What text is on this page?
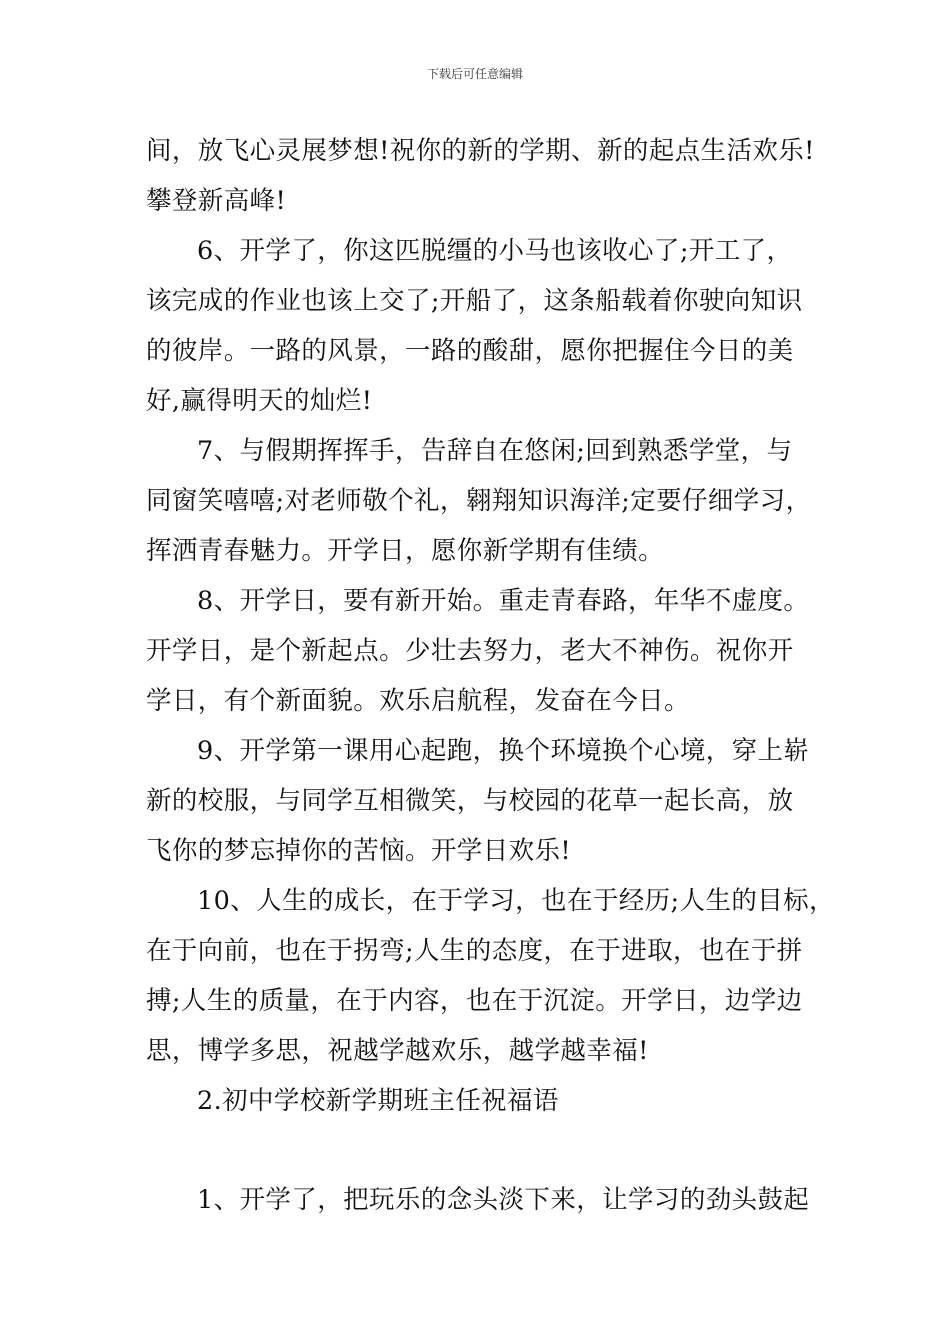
下载后可任意编辑
间，放飞心灵展梦想!祝你的新的学期、新的起点生活欢乐!
攀登新高峰!
6、开学了，你这匹脱缰的小马也该收心了;开工了，
该完成的作业也该上交了;开船了，这条船载着你驶向知识
的彼岸。一路的风景，一路的酸甜，愿你把握住今日的美
好,赢得明天的灿烂!
7、与假期挥挥手，告辞自在悠闲;回到熟悉学堂，与
同窗笑嘻嘻;对老师敬个礼，翱翔知识海洋;定要仔细学习，
挥洒青春魅力。开学日，愿你新学期有佳绩。
8、开学日，要有新开始。重走青春路，年华不虚度。
开学日，是个新起点。少壮去努力，老大不神伤。祝你开
学日，有个新面貌。欢乐启航程，发奋在今日。
9、开学第一课用心起跑，换个环境换个心境，穿上崭
新的校服，与同学互相微笑，与校园的花草一起长高，放
飞你的梦忘掉你的苦恼。开学日欢乐!
10、人生的成长，在于学习，也在于经历;人生的目标，
在于向前，也在于拐弯;人生的态度，在于进取，也在于拼
搏;人生的质量，在于内容，也在于沉淀。开学日，边学边
思，博学多思，祝越学越欢乐，越学越幸福!
2.初中学校新学期班主任祝福语
1、开学了，把玩乐的念头淡下来，让学习的劲头鼓起
